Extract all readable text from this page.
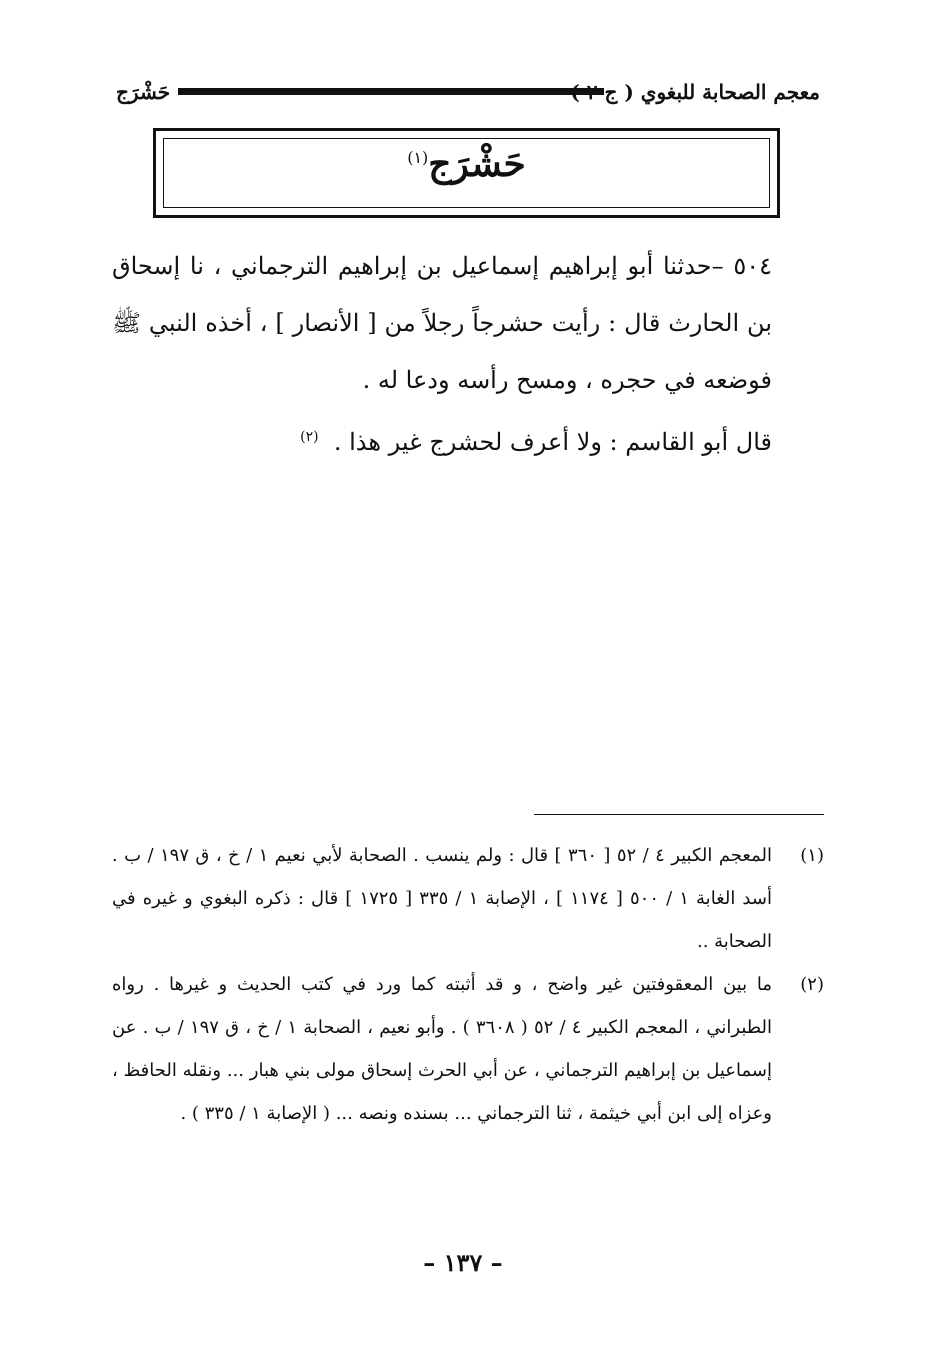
حَشْرَج	معجم الصحابة للبغوي ( ج ٢ )
حَشْرَج$^{(١)}$

٥٠٤ –حدثنا أبو إبراهيم إسماعيل بن إبراهيم الترجماني ، نا إسحاق بن الحارث قال : رأيت حشرجاً رجلاً من [ الأنصار ] ، أخذه النبي ﷺ فوضعه في حجره ، ومسح رأسه ودعا له .

قال أبو القاسم : ولا أعرف لحشرج غير هذا .  $^{(٢)}$

(١)
المعجم الكبير ٤ / ٥٢ [ ٣٦٠ ] قال : ولم ينسب . الصحابة لأبي نعيم ١ / خ ، ق ١٩٧ / ب . أسد الغابة ١ / ٥٠٠ [ ١١٧٤ ] ، الإصابة ١ / ٣٣٥ [ ١٧٢٥ ] قال : ذكره البغوي و غيره في الصحابة ..
(٢)
ما بين المعقوفتين غير واضح ، و قد أثبته كما ورد في كتب الحديث و غيرها . رواه الطبراني ، المعجم الكبير ٤ / ٥٢ ( ٣٦٠٨ ) . وأبو نعيم ، الصحابة ١ / خ ، ق ١٩٧ / ب . عن إسماعيل بن إبراهيم الترجماني ، عن أبي الحرث إسحاق مولى بني هبار ... ونقله الحافظ ، وعزاه إلى ابن أبي خيثمة ، ثنا الترجماني ... بسنده ونصه ... ( الإصابة ١ / ٣٣٥ ) .
– ١٣٧ –
